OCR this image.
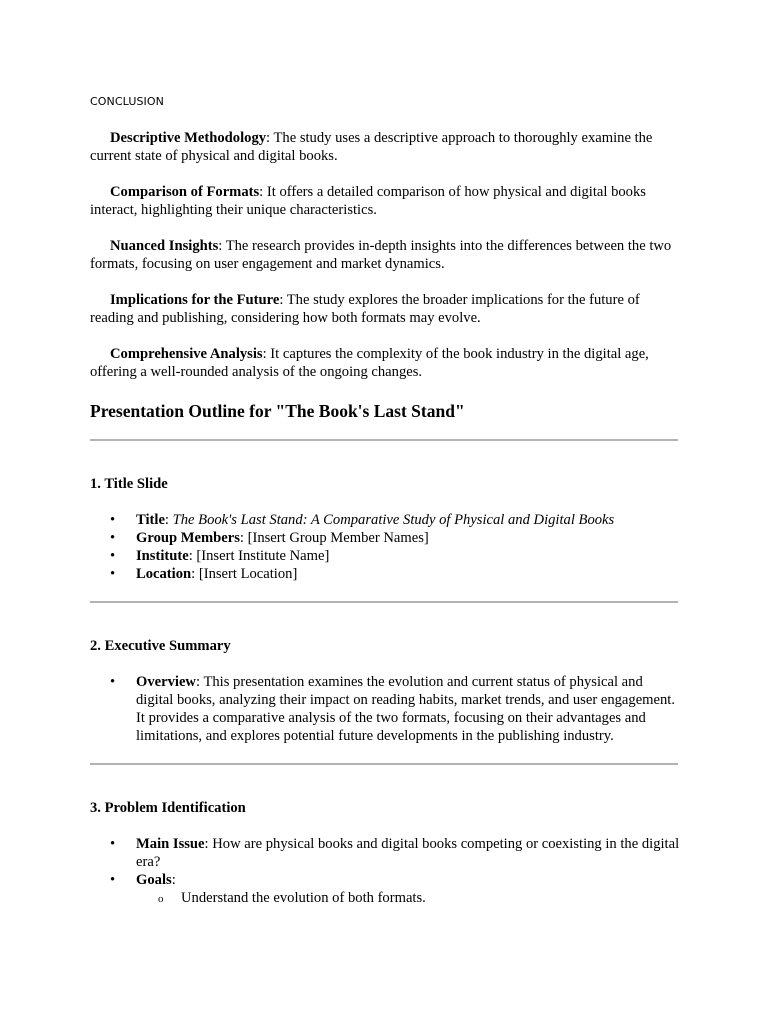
CONCLUSION

Descriptive Methodology: The study uses a descriptive approach to thoroughly examine the current state of physical and digital books.

Comparison of Formats: It offers a detailed comparison of how physical and digital books interact, highlighting their unique characteristics.

Nuanced Insights: The research provides in-depth insights into the differences between the two formats, focusing on user engagement and market dynamics.

Implications for the Future: The study explores the broader implications for the future of reading and publishing, considering how both formats may evolve.

Comprehensive Analysis: It captures the complexity of the book industry in the digital age, offering a well-rounded analysis of the ongoing changes.

Presentation Outline for "The Book's Last Stand"
1. Title Slide
• Title: The Book's Last Stand: A Comparative Study of Physical and Digital Books
• Group Members: [Insert Group Member Names]
• Institute: [Insert Institute Name]
• Location: [Insert Location]
2. Executive Summary
• Overview: This presentation examines the evolution and current status of physical and digital books, analyzing their impact on reading habits, market trends, and user engagement. It provides a comparative analysis of the two formats, focusing on their advantages and limitations, and explores potential future developments in the publishing industry.
3. Problem Identification
• Main Issue: How are physical books and digital books competing or coexisting in the digital era?
• Goals:
o Understand the evolution of both formats.
